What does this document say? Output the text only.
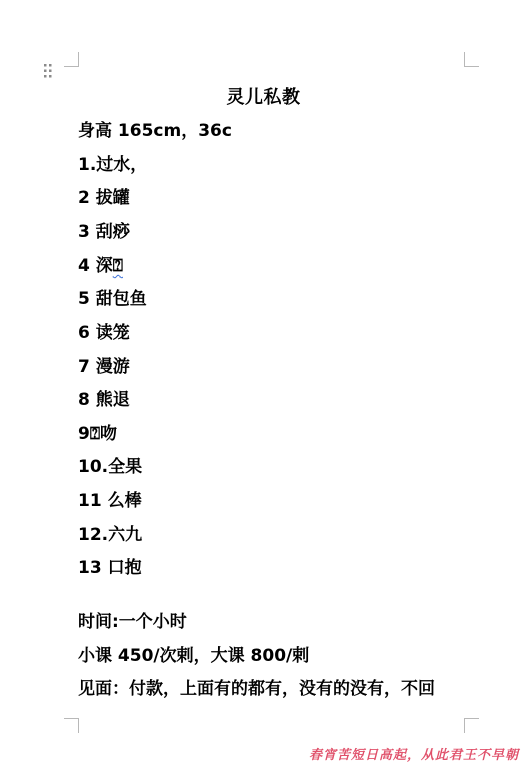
灵儿私教
身高 165cm，36c
1.过水，
2 拔罐
3 刮痧
4 深⍰
5 甜包鱼
6 读笼
7 漫游
8 熊退
9⍰吻
10.全果
11 么棒
12.六九
13 口抱
时间:一个小时
小课 450/次剌，大课 800/剌
见面：付款，上面有的都有，没有的没有，不回
春宵苦短日高起，从此君王不早朝
